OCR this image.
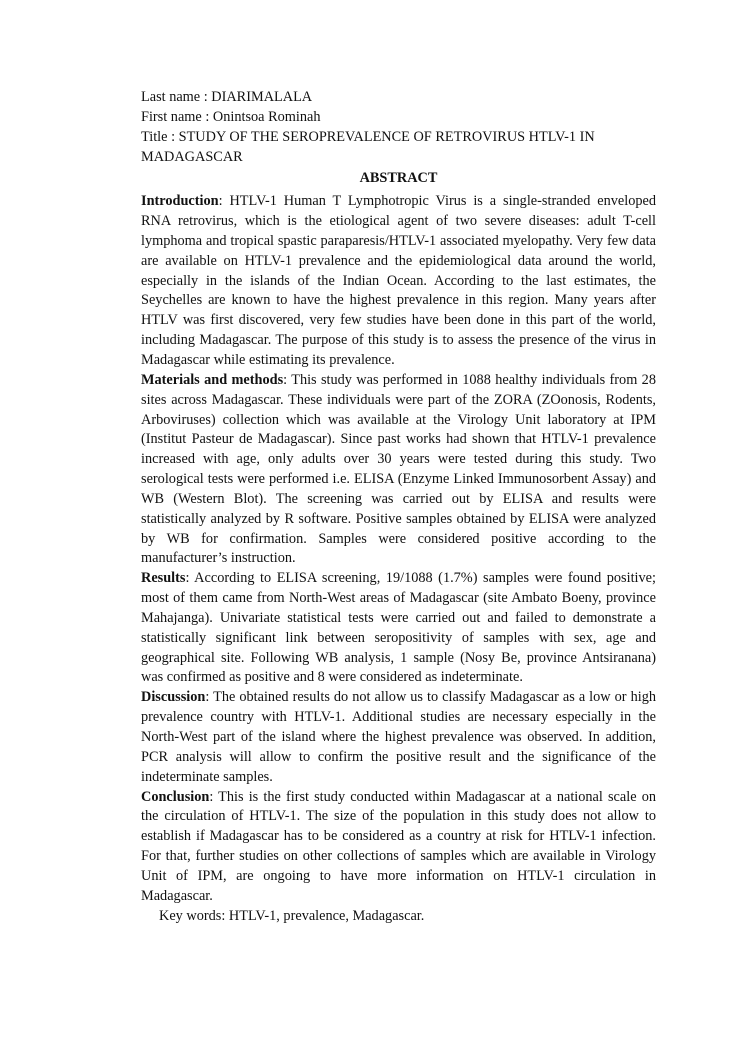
Last name : DIARIMALALA

First name : Onintsoa Rominah

Title : STUDY OF THE SEROPREVALENCE OF RETROVIRUS HTLV-1 IN MADAGASCAR

ABSTRACT

Introduction: HTLV-1 Human T Lymphotropic Virus is a single-stranded enveloped RNA retrovirus, which is the etiological agent of two severe diseases: adult T-cell lymphoma and tropical spastic paraparesis/HTLV-1 associated myelopathy. Very few data are available on HTLV-1 prevalence and the epidemiological data around the world, especially in the islands of the Indian Ocean. According to the last estimates, the Seychelles are known to have the highest prevalence in this region. Many years after HTLV was first discovered, very few studies have been done in this part of the world, including Madagascar. The purpose of this study is to assess the presence of the virus in Madagascar while estimating its prevalence.

Materials and methods: This study was performed in 1088 healthy individuals from 28 sites across Madagascar. These individuals were part of the ZORA (ZOonosis, Rodents, Arboviruses) collection which was available at the Virology Unit laboratory at IPM (Institut Pasteur de Madagascar). Since past works had shown that HTLV-1 prevalence increased with age, only adults over 30 years were tested during this study. Two serological tests were performed i.e. ELISA (Enzyme Linked Immunosorbent Assay) and WB (Western Blot). The screening was carried out by ELISA and results were statistically analyzed by R software. Positive samples obtained by ELISA were analyzed by WB for confirmation. Samples were considered positive according to the manufacturer’s instruction.

Results: According to ELISA screening, 19/1088 (1.7%) samples were found positive; most of them came from North-West areas of Madagascar (site Ambato Boeny, province Mahajanga). Univariate statistical tests were carried out and failed to demonstrate a statistically significant link between seropositivity of samples with sex, age and geographical site. Following WB analysis, 1 sample (Nosy Be, province Antsiranana) was confirmed as positive and 8 were considered as indeterminate.

Discussion: The obtained results do not allow us to classify Madagascar as a low or high prevalence country with HTLV-1. Additional studies are necessary especially in the North-West part of the island where the highest prevalence was observed. In addition, PCR analysis will allow to confirm the positive result and the significance of the indeterminate samples.

Conclusion: This is the first study conducted within Madagascar at a national scale on the circulation of HTLV-1. The size of the population in this study does not allow to establish if Madagascar has to be considered as a country at risk for HTLV-1 infection. For that, further studies on other collections of samples which are available in Virology Unit of IPM, are ongoing to have more information on HTLV-1 circulation in Madagascar.

Key words: HTLV-1, prevalence, Madagascar.
